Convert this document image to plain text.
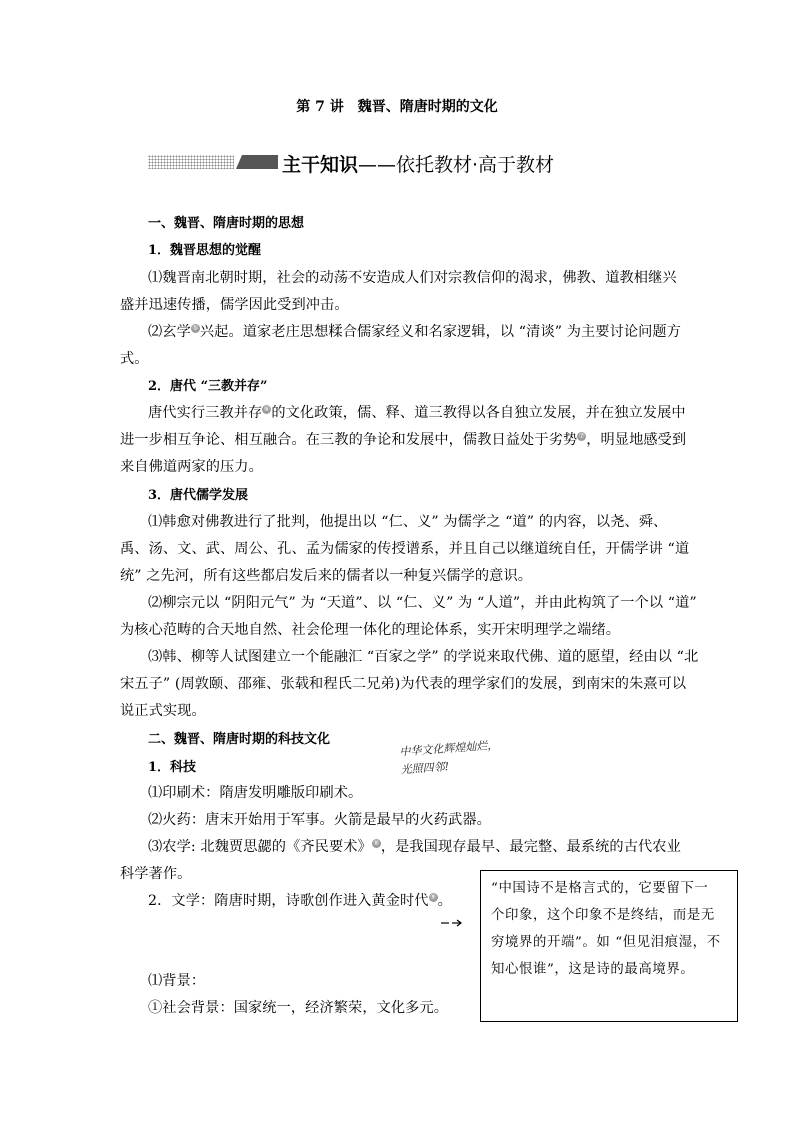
第 7 讲　魏晋、隋唐时期的文化
主干知识——依托教材·高于教材
一、魏晋、隋唐时期的思想
1．魏晋思想的觉醒
⑴魏晋南北朝时期，社会的动荡不安造成人们对宗教信仰的渴求，佛教、道教相继兴
盛并迅速传播，儒学因此受到冲击。
⑵玄学⑤兴起。道家老庄思想糅合儒家经义和名家逻辑，以 “清谈” 为主要讨论问题方
式。
2．唐代 “三教并存”
唐代实行三教并存⑥的文化政策，儒、释、道三教得以各自独立发展，并在独立发展中
进一步相互争论、相互融合。在三教的争论和发展中，儒教日益处于劣势⑦，明显地感受到
来自佛道两家的压力。
3．唐代儒学发展
⑴韩愈对佛教进行了批判，他提出以 “仁、义” 为儒学之 “道” 的内容，以尧、舜、
禹、汤、文、武、周公、孔、孟为儒家的传授谱系，并且自己以继道统自任，开儒学讲 “道
统” 之先河，所有这些都启发后来的儒者以一种复兴儒学的意识。
⑵柳宗元以 “阴阳元气” 为 “天道”、以 “仁、义” 为 “人道”，并由此构筑了一个以 “道”
为核心范畴的合天地自然、社会伦理一体化的理论体系，实开宋明理学之端绪。
⑶韩、柳等人试图建立一个能融汇 “百家之学” 的学说来取代佛、道的愿望，经由以 “北
宋五子” (周敦颐、邵雍、张载和程氏二兄弟)为代表的理学家们的发展，到南宋的朱熹可以
说正式实现。
二、魏晋、隋唐时期的科技文化	中华文化辉煌灿烂，
光照四邻!
1．科技
⑴印刷术：隋唐发明雕版印刷术。
⑵火药：唐末开始用于军事。火箭是最早的火药武器。
⑶农学: 北魏贾思勰的《齐民要术》⑧，是我国现存最早、最完整、最系统的古代农业
科学著作。
2．文学：隋唐时期，诗歌创作进入黄金时代⑨。
⑴背景：
①社会背景：国家统一，经济繁荣，文化多元。
“中国诗不是格言式的，它要留下一
个印象，这个印象不是终结，而是无
穷境界的开端”。如 “但见泪痕湿，不
知心恨谁”，这是诗的最高境界。
